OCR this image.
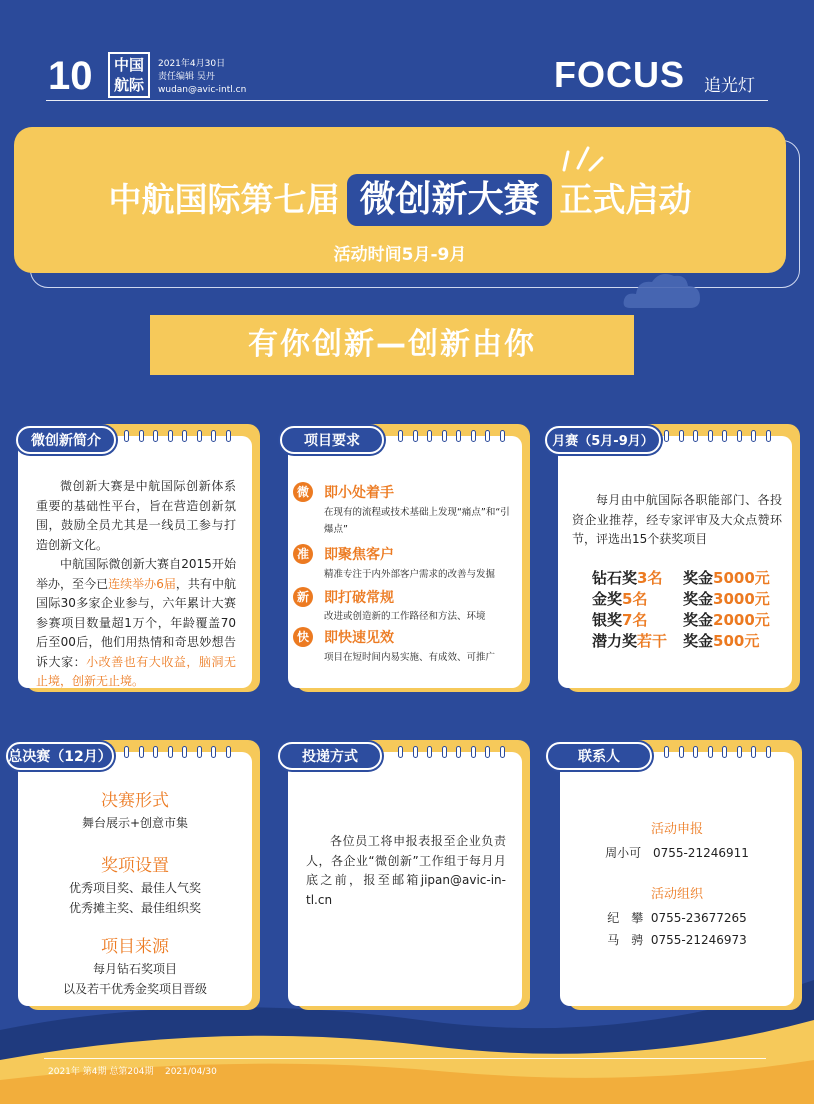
10 中国
航际
2021年4月30日
责任编辑 吴丹
wudan@avic-intl.cn	FOCUS 追光灯
中航国际第七届 微创新大赛 正式启动
活动时间5月-9月
有你创新—创新由你
微创新简介

微创新大赛是中航国际创新体系重要的基础性平台，旨在营造创新氛围，鼓励全员尤其是一线员工参与打造创新文化。

中航国际微创新大赛自2015开始举办，至今已连续举办6届，共有中航国际30多家企业参与，六年累计大赛参赛项目数量超1万个，年龄覆盖70后至00后，他们用热情和奇思妙想告诉大家：小改善也有大收益，脑洞无止境，创新无止境。

项目要求
微 即小处着手
在现有的流程或技术基础上发现“痛点”和“引爆点”
准 即聚焦客户
精准专注于内外部客户需求的改善与发掘
新 即打破常规
改进或创造新的工作路径和方法、环境
快 即快速见效
项目在短时间内易实施、有成效、可推广
月赛（5月-9月）
每月由中航国际各职能部门、各投资企业推荐，经专家评审及大众点赞环节，评选出15个获奖项目
钻石奖3名 奖金5000元
金奖5名 奖金3000元
银奖7名 奖金2000元
潜力奖若干 奖金500元
总决赛（12月）
决赛形式
舞台展示+创意市集
奖项设置
优秀项目奖、最佳人气奖
优秀摊主奖、最佳组织奖
项目来源
每月钻石奖项目
以及若干优秀金奖项目晋级
投递方式
各位员工将申报表报至企业负责人，各企业“微创新”工作组于每月月底之前，报至邮箱jipan@avic-in-tl.cn
联系人
活动申报
周小可 0755-21246911
活动组织
纪　攀 0755-23677265
马　骋 0755-21246973
2021年 第4期 总第204期    2021/04/30
